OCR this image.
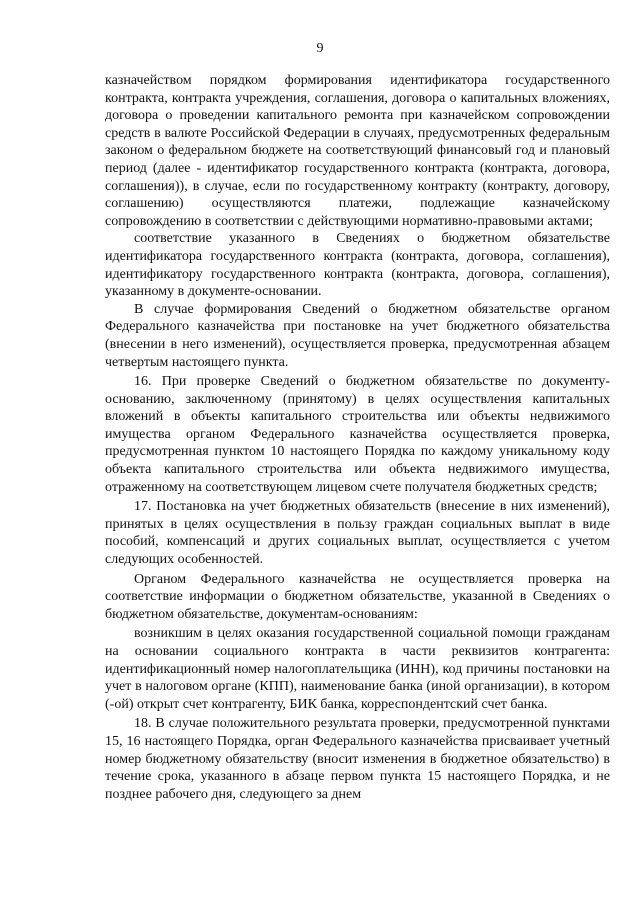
9

казначейством порядком формирования идентификатора государственного контракта, контракта учреждения, соглашения, договора о капитальных вложениях, договора о проведении капитального ремонта при казначейском сопровождении средств в валюте Российской Федерации в случаях, предусмотренных федеральным законом о федеральном бюджете на соответствующий финансовый год и плановый период (далее - идентификатор государственного контракта (контракта, договора, соглашения)), в случае, если по государственному контракту (контракту, договору, соглашению) осуществляются платежи, подлежащие казначейскому сопровождению в соответствии с действующими нормативно-правовыми актами;

соответствие указанного в Сведениях о бюджетном обязательстве идентификатора государственного контракта (контракта, договора, соглашения), идентификатору государственного контракта (контракта, договора, соглашения), указанному в документе-основании.

В случае формирования Сведений о бюджетном обязательстве органом Федерального казначейства при постановке на учет бюджетного обязательства (внесении в него изменений), осуществляется проверка, предусмотренная абзацем четвертым настоящего пункта.

16. При проверке Сведений о бюджетном обязательстве по документу-основанию, заключенному (принятому) в целях осуществления капитальных вложений в объекты капитального строительства или объекты недвижимого имущества органом Федерального казначейства осуществляется проверка, предусмотренная пунктом 10 настоящего Порядка по каждому уникальному коду объекта капитального строительства или объекта недвижимого имущества, отраженному на соответствующем лицевом счете получателя бюджетных средств;

17. Постановка на учет бюджетных обязательств (внесение в них изменений), принятых в целях осуществления в пользу граждан социальных выплат в виде пособий, компенсаций и других социальных выплат, осуществляется с учетом следующих особенностей.

Органом Федерального казначейства не осуществляется проверка на соответствие информации о бюджетном обязательстве, указанной в Сведениях о бюджетном обязательстве, документам-основаниям:

возникшим в целях оказания государственной социальной помощи гражданам на основании социального контракта в части реквизитов контрагента: идентификационный номер налогоплательщика (ИНН), код причины постановки на учет в налоговом органе (КПП), наименование банка (иной организации), в котором (-ой) открыт счет контрагенту, БИК банка, корреспондентский счет банка.

18. В случае положительного результата проверки, предусмотренной пунктами 15, 16 настоящего Порядка, орган Федерального казначейства присваивает учетный номер бюджетному обязательству (вносит изменения в бюджетное обязательство) в течение срока, указанного в абзаце первом пункта 15 настоящего Порядка, и не позднее рабочего дня, следующего за днем
